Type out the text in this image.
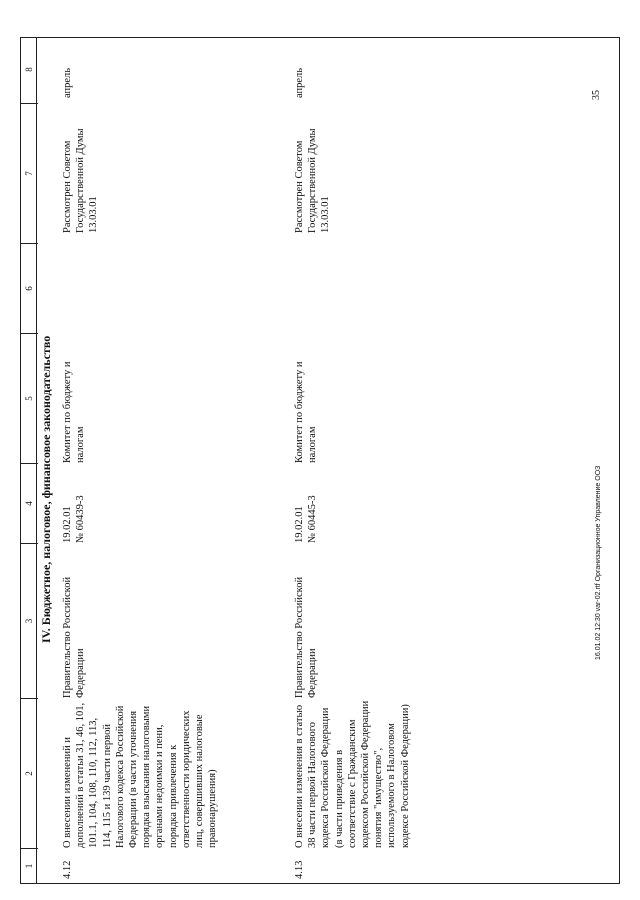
1
2
3
4
5
6
7
8
IV. Бюджетное, налоговое, финансовое законодательство
4.12
О внесении изменений и дополнений в статьи 31, 46, 101, 101.1, 104, 108, 110, 112, 113, 114, 115 и 139 части первой Налогового кодекса Российской Федерации (в части уточнения порядка взыскания налоговыми органами недоимки и пени, порядка привлечения к ответственности юридических лиц, совершивших налоговые правонарушения)
Правительство Российской Федерации
19.02.01 № 60439-3
Комитет по бюджету и налогам
Рассмотрен Советом Государственной Думы 13.03.01
апрель
4.13
О внесении изменения в статью 38 части первой Налогового кодекса Российской Федерации (в части приведения в соответствие с Гражданским кодексом Российской Федерации понятия "имущество", используемого в Налоговом кодексе Российской Федерации)
Правительство Российской Федерации
19.02.01 № 60445-3
Комитет по бюджету и налогам
Рассмотрен Советом Государственной Думы 13.03.01
апрель	35
16.01.02 12:30 var-02.rtf Организационное Управление ООЗ
